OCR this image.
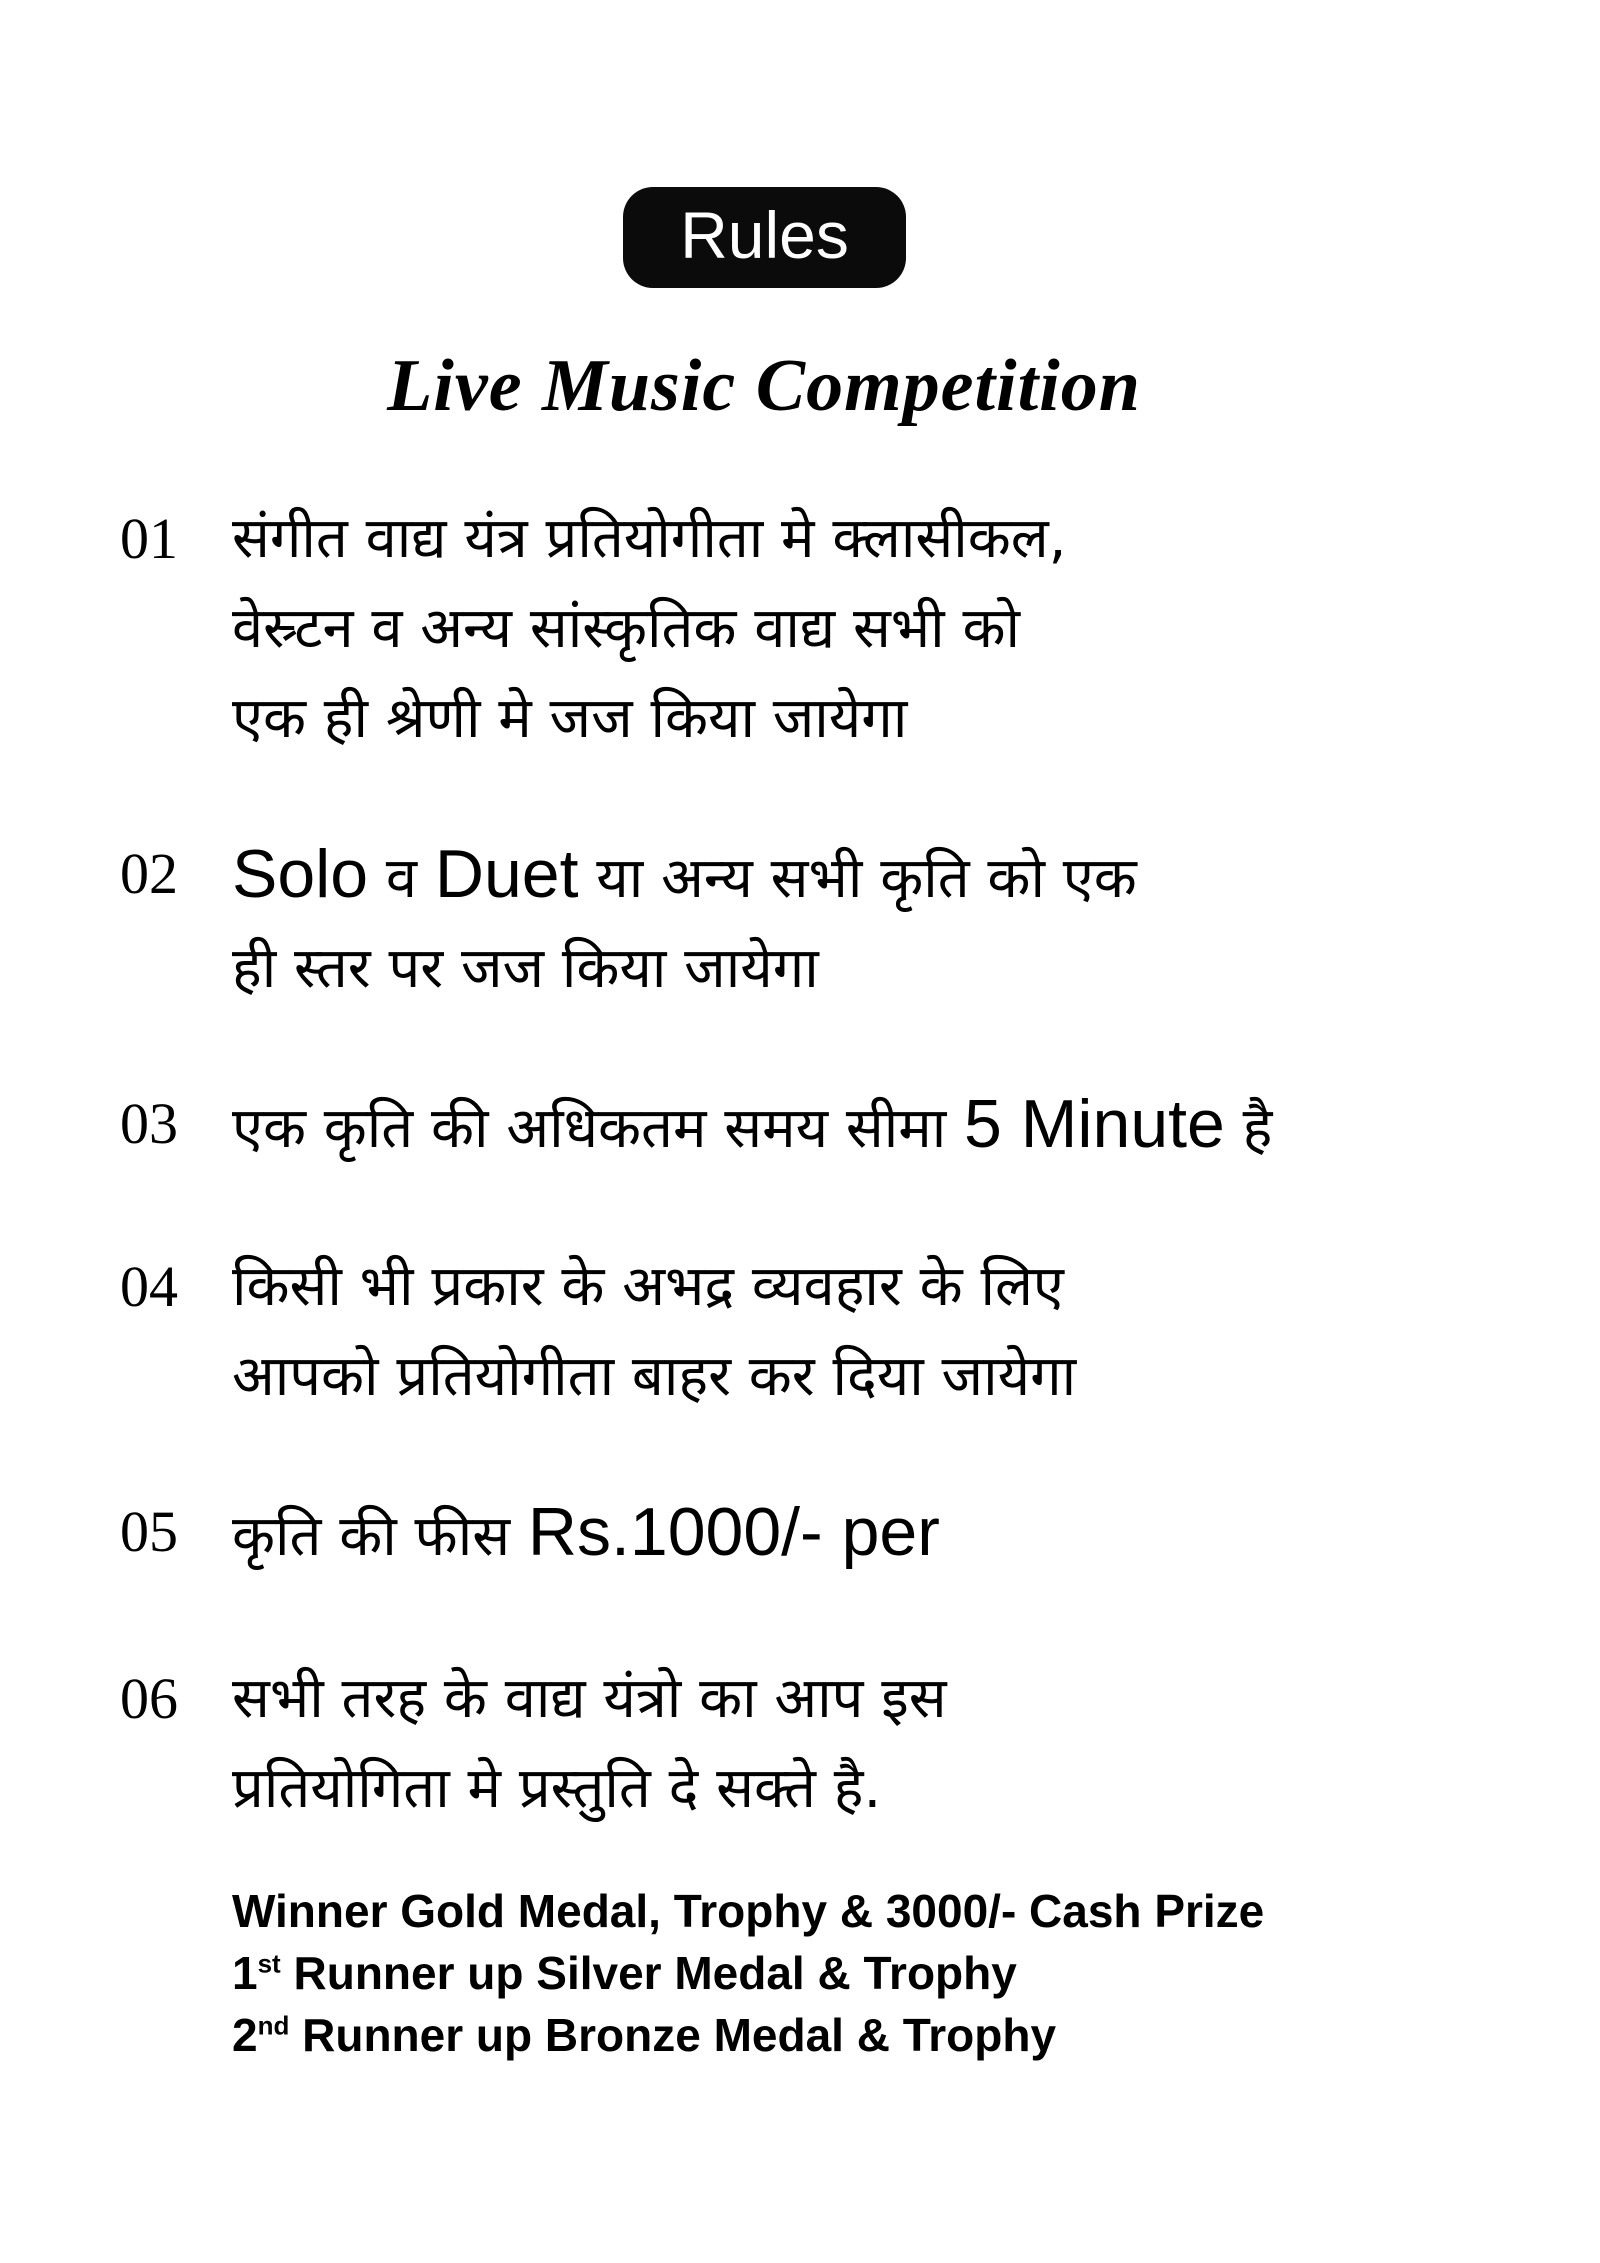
Rules
Live Music Competition
01 संगीत वाद्य यंत्र प्रतियोगीता मे क्लासीकल,
वेस्र्टन व अन्य सांस्कृतिक वाद्य सभी को
एक ही श्रेणी मे जज किया जायेगा
02 Solo व Duet या अन्य सभी कृति को एक
ही स्तर पर जज किया जायेगा
03 एक कृति की अधिकतम समय सीमा 5 Minute है
04 किसी भी प्रकार के अभद्र व्यवहार के लिए
आपको प्रतियोगीता बाहर कर दिया जायेगा
05 कृति की फीस Rs.1000/- per
06 सभी तरह के वाद्य यंत्रो का आप इस
प्रतियोगिता मे प्रस्तुति दे सक्ते है.
Winner Gold Medal, Trophy & 3000/- Cash Prize
1st Runner up Silver Medal & Trophy
2nd Runner up Bronze Medal & Trophy
